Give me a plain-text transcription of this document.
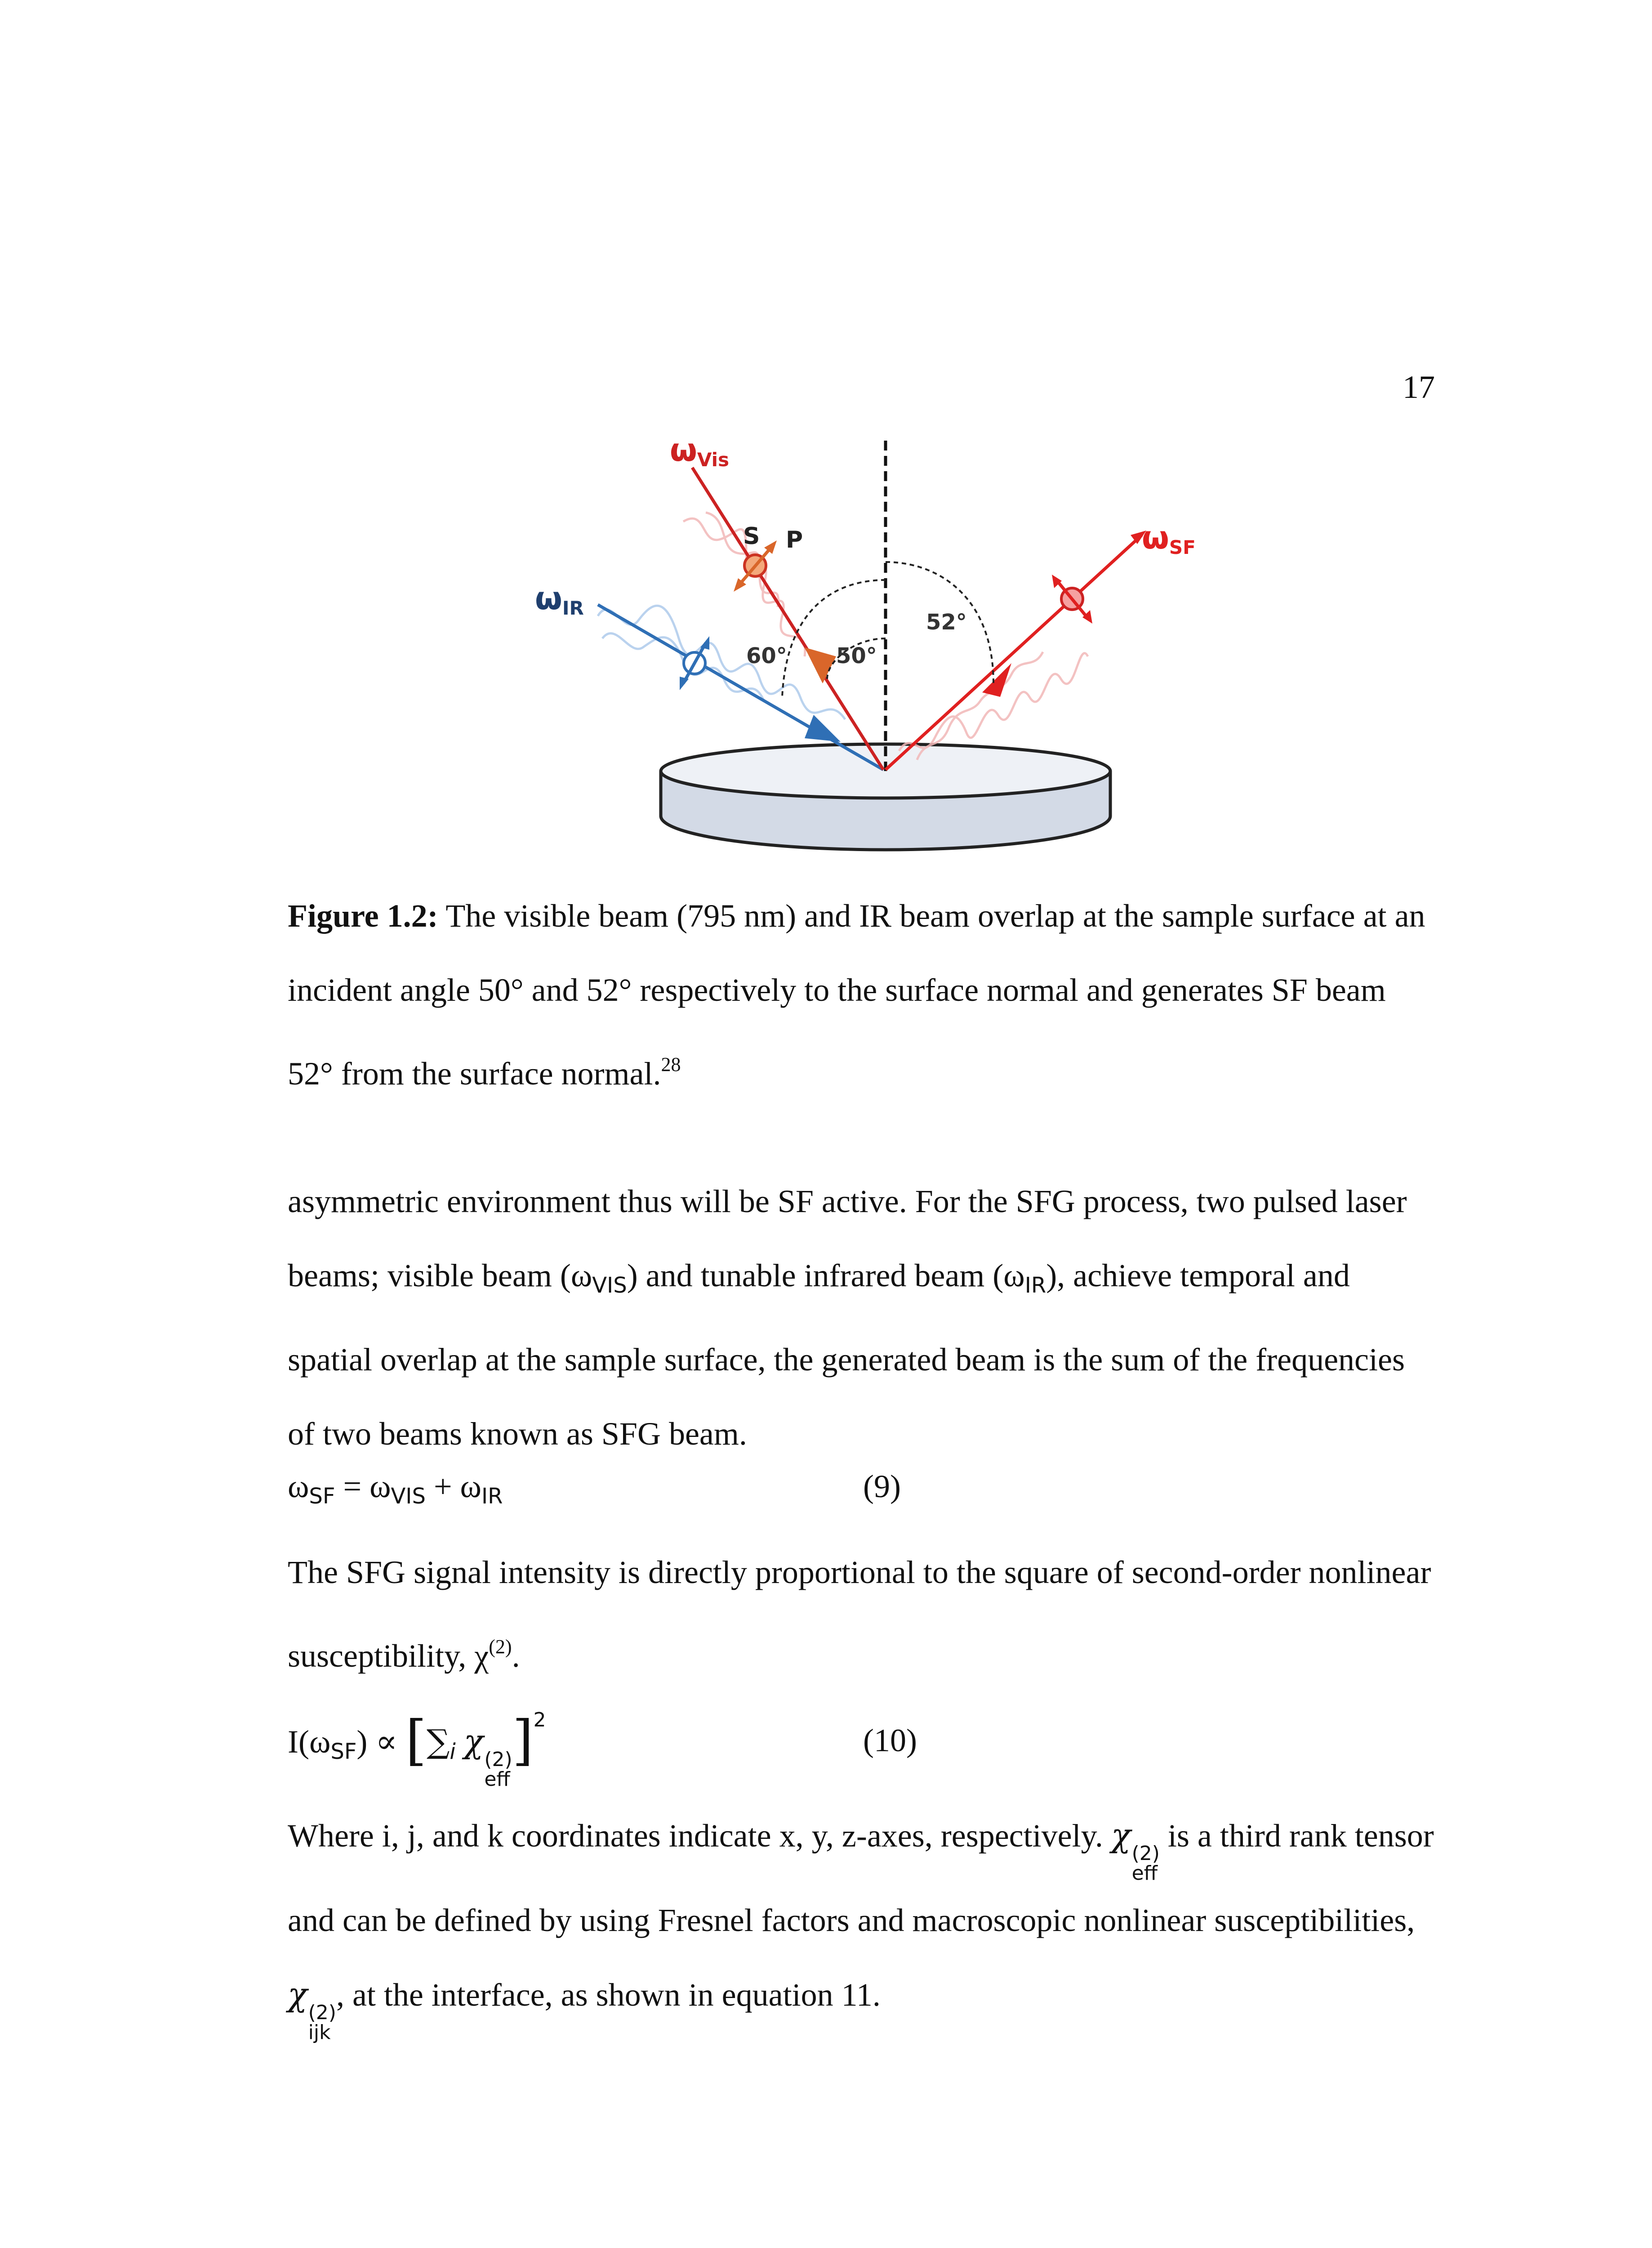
17
ωVis
ωIR
ωSF
S P
60° 50°
52°

Figure 1.2: The visible beam (795 nm) and IR beam overlap at the sample surface at an incident angle 50° and 52° respectively to the surface normal and generates SF beam 52° from the surface normal.$^{28}$

asymmetric environment thus will be SF active. For the SFG process, two pulsed laser beams; visible beam $(\omega_{VIS})$ and tunable infrared beam $(\omega_{IR})$, achieve temporal and spatial overlap at the sample surface, the generated beam is the sum of the frequencies of two beams known as SFG beam.

$\omega_{SF} = \omega_{VIS} + \omega_{IR}$	(9)

The SFG signal intensity is directly proportional to the square of second-order nonlinear susceptibility, $\chi^{(2)}$.

$I(\omega_{SF}) \propto [\sum_i$ χ (2)
eff
]$^2$
(10)

Where i, j, and k coordinates indicate x, y, z-axes, respectively. χ (2)
eff
is a third rank tensor and can be defined by using Fresnel factors and macroscopic nonlinear susceptibilities, χ (2)
ijk
, at the interface, as shown in equation 11.
